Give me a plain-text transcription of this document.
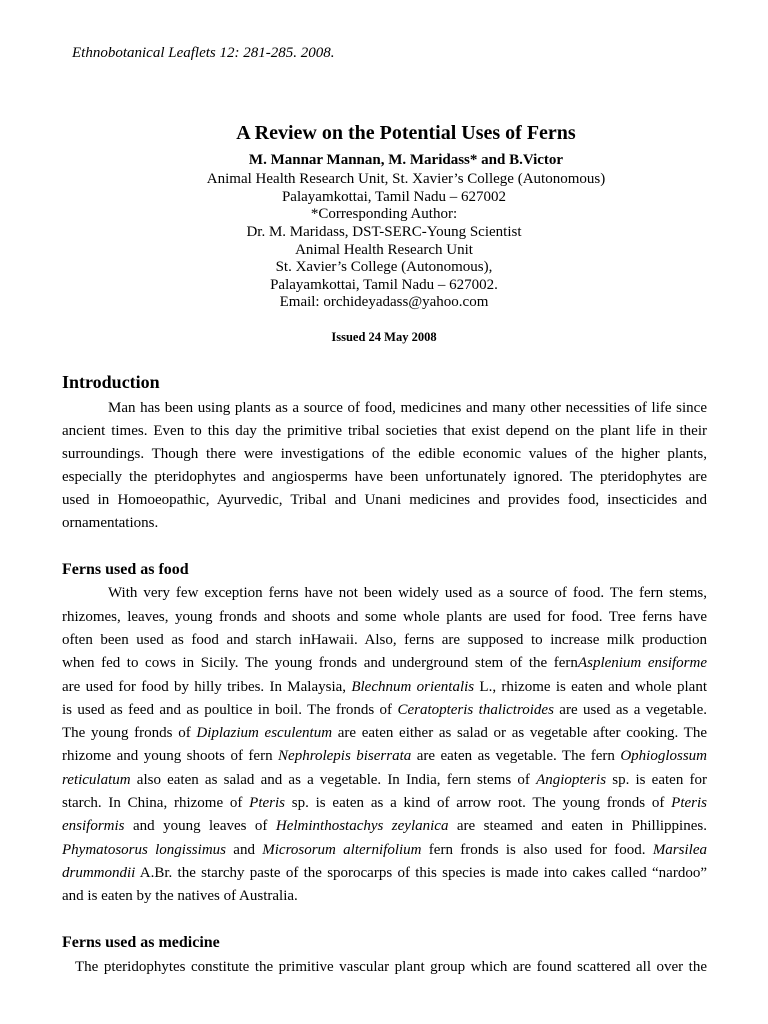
Ethnobotanical Leaflets 12: 281-285. 2008.
A Review on the Potential Uses of Ferns
M. Mannar Mannan, M. Maridass* and B.Victor
Animal Health Research Unit, St. Xavier’s College (Autonomous)
Palayamkottai, Tamil Nadu – 627002
*Corresponding Author:
Dr. M. Maridass, DST-SERC-Young Scientist
Animal Health Research Unit
St. Xavier’s College (Autonomous),
Palayamkottai, Tamil Nadu – 627002.
Email: orchideyadass@yahoo.com
Issued 24 May 2008
Introduction
Man has been using plants as a source of food, medicines and many other necessities of life since
ancient times. Even to this day the primitive tribal societies that exist depend on the plant life in their
surroundings. Though there were investigations of the edible economic values of the higher plants,
especially the pteridophytes and angiosperms have been unfortunately ignored. The pteridophytes are
used in Homoeopathic, Ayurvedic, Tribal and Unani medicines and provides food, insecticides and
ornamentations.
Ferns used as food
With very few exception ferns have not been widely used as a source of food. The fern stems,
rhizomes, leaves, young fronds and shoots and some whole plants are used for food. Tree ferns have
often been used as food and starch inHawaii. Also, ferns are supposed to increase milk production
when fed to cows in Sicily. The young fronds and underground stem of the fernAsplenium ensiforme
are used for food by hilly tribes. In Malaysia, Blechnum orientalis L., rhizome is eaten and whole plant
is used as feed and as poultice in boil. The fronds of Ceratopteris thalictroides are used as a vegetable.
The young fronds of Diplazium esculentum are eaten either as salad or as vegetable after cooking. The
rhizome and young shoots of fern Nephrolepis biserrata are eaten as vegetable. The fern Ophioglossum
reticulatum also eaten as salad and as a vegetable. In India, fern stems of Angiopteris sp. is eaten for
starch. In China, rhizome of Pteris sp. is eaten as a kind of arrow root. The young fronds of Pteris
ensiformis and young leaves of Helminthostachys zeylanica are steamed and eaten in Phillippines.
Phymatosorus longissimus and Microsorum alternifolium fern fronds is also used for food. Marsilea
drummondii A.Br. the starchy paste of the sporocarps of this species is made into cakes called “nardoo”
and is eaten by the natives of Australia.
Ferns used as medicine
The pteridophytes constitute the primitive vascular plant group which are found scattered all over the
